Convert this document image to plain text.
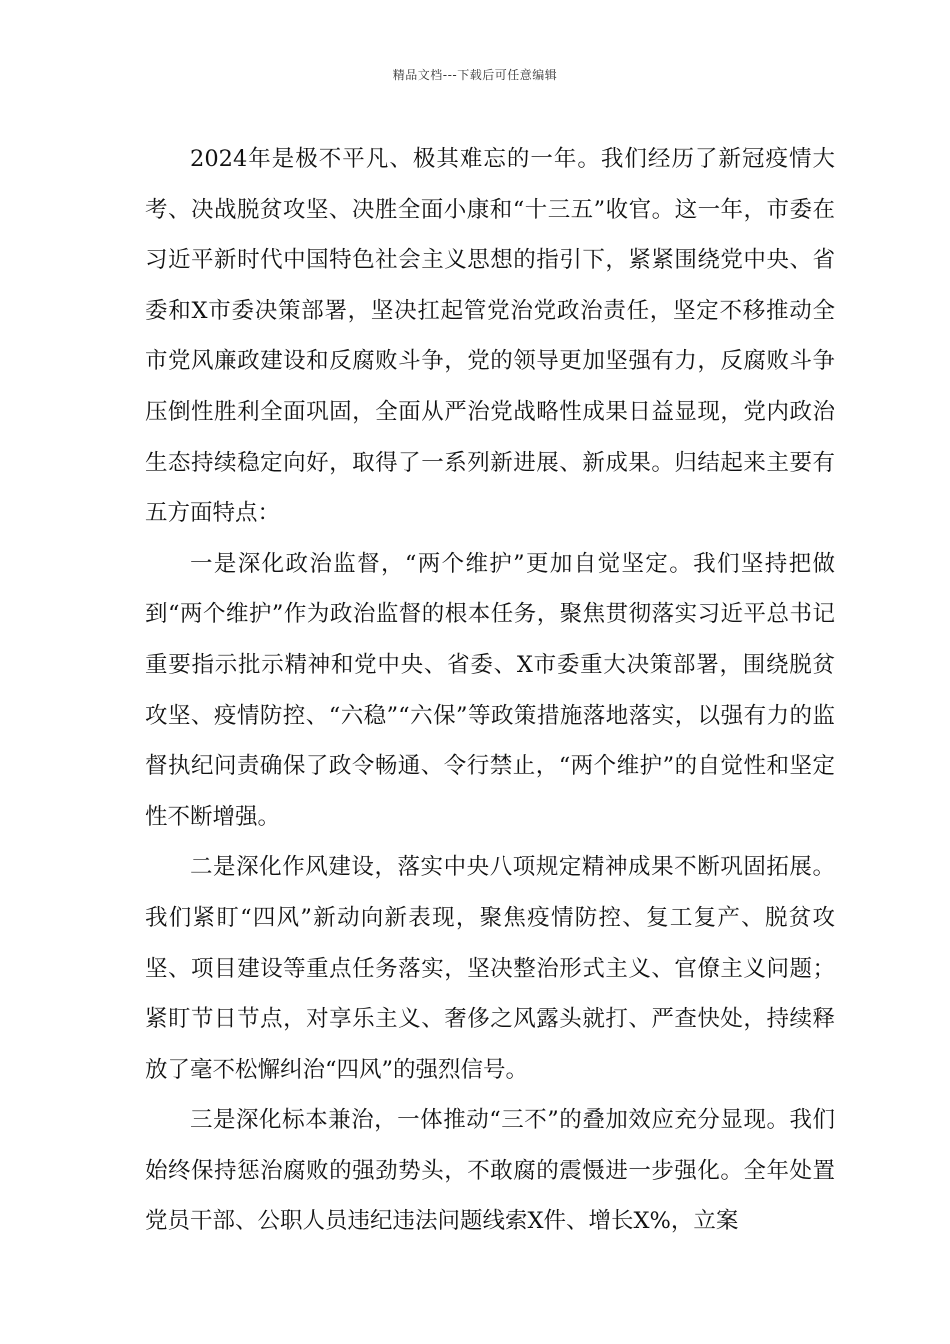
精品文档---下载后可任意编辑

2024年是极不平凡、极其难忘的一年。我们经历了新冠疫情大考、决战脱贫攻坚、决胜全面小康和“十三五”收官。这一年，市委在习近平新时代中国特色社会主义思想的指引下，紧紧围绕党中央、省委和X市委决策部署，坚决扛起管党治党政治责任，坚定不移推动全市党风廉政建设和反腐败斗争，党的领导更加坚强有力，反腐败斗争压倒性胜利全面巩固，全面从严治党战略性成果日益显现，党内政治生态持续稳定向好，取得了一系列新进展、新成果。归结起来主要有五方面特点：

一是深化政治监督，“两个维护”更加自觉坚定。我们坚持把做到“两个维护”作为政治监督的根本任务，聚焦贯彻落实习近平总书记重要指示批示精神和党中央、省委、X市委重大决策部署，围绕脱贫攻坚、疫情防控、“六稳”“六保”等政策措施落地落实，以强有力的监督执纪问责确保了政令畅通、令行禁止，“两个维护”的自觉性和坚定性不断增强。

二是深化作风建设，落实中央八项规定精神成果不断巩固拓展。我们紧盯“四风”新动向新表现，聚焦疫情防控、复工复产、脱贫攻坚、项目建设等重点任务落实，坚决整治形式主义、官僚主义问题；紧盯节日节点，对享乐主义、奢侈之风露头就打、严查快处，持续释放了毫不松懈纠治“四风”的强烈信号。

三是深化标本兼治，一体推动“三不”的叠加效应充分显现。我们始终保持惩治腐败的强劲势头，不敢腐的震慑进一步强化。全年处置党员干部、公职人员违纪违法问题线索X件、增长X%，立案
